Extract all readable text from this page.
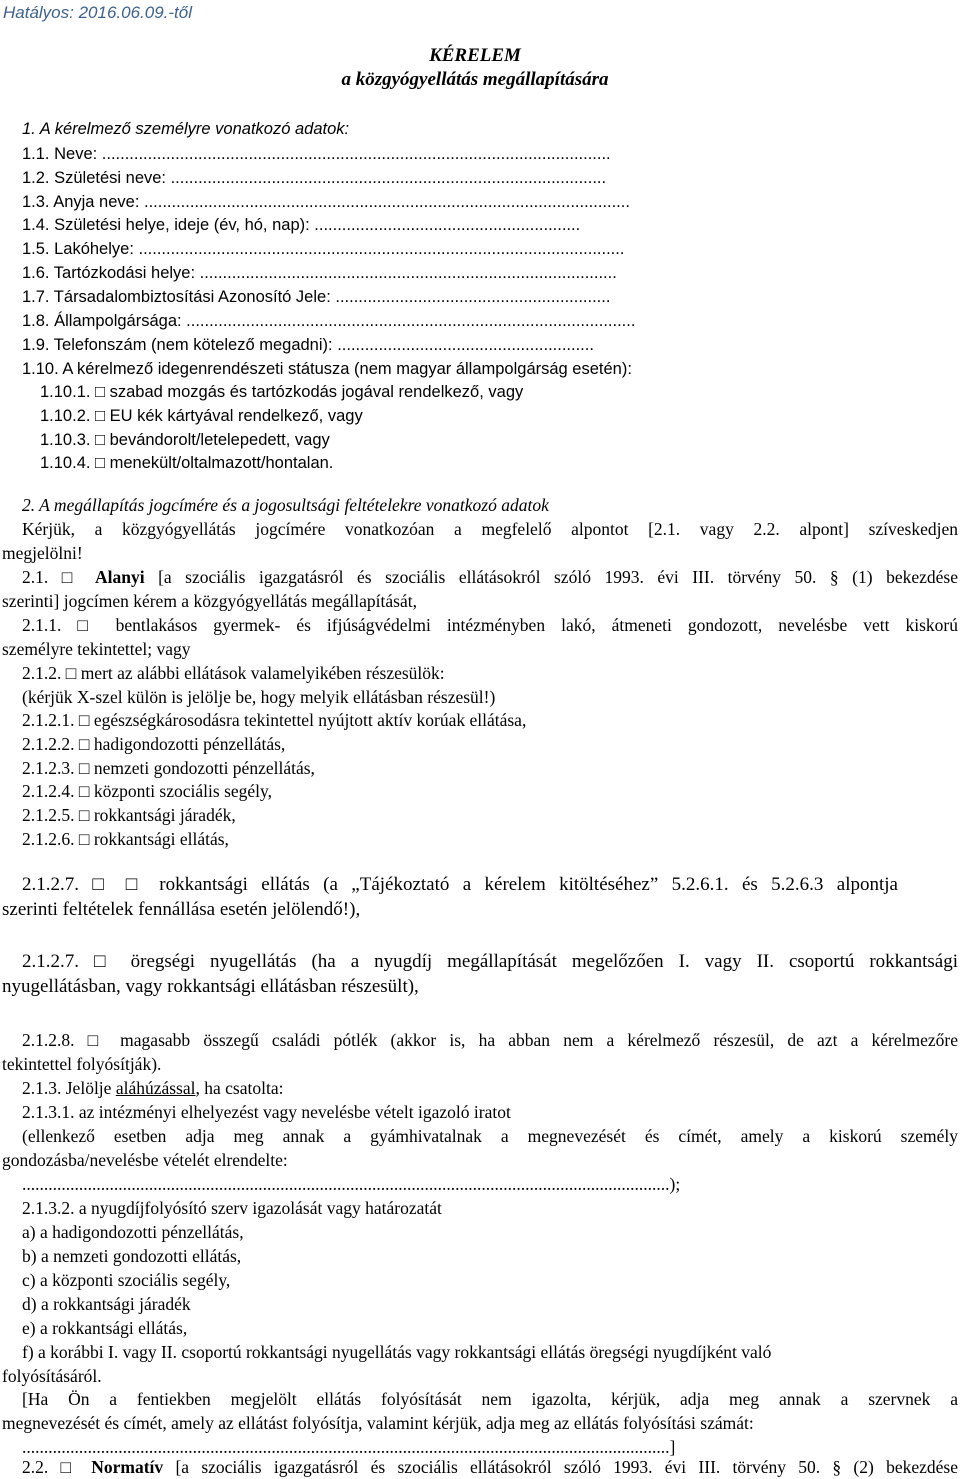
Hatályos: 2016.06.09.-től
KÉRELEM
a közgyógyellátás megállapítására
1. A kérelmező személyre vonatkozó adatok:
1.1. Neve: ...............................................................................................................
1.2. Születési neve: ...............................................................................................
1.3. Anyja neve: ..........................................................................................................
1.4. Születési helye, ideje (év, hó, nap): ..........................................................
1.5. Lakóhelye: ..........................................................................................................
1.6. Tartózkodási helye: ...........................................................................................
1.7. Társadalombiztosítási Azonosító Jele: ............................................................
1.8. Állampolgársága: ..................................................................................................
1.9. Telefonszám (nem kötelező megadni): ........................................................
1.10. A kérelmező idegenrendészeti státusza (nem magyar állampolgárság esetén):
1.10.1. □ szabad mozgás és tartózkodás jogával rendelkező, vagy
1.10.2. □ EU kék kártyával rendelkező, vagy
1.10.3. □ bevándorolt/letelepedett, vagy
1.10.4. □ menekült/oltalmazott/hontalan.
2. A megállapítás jogcímére és a jogosultsági feltételekre vonatkozó adatok
Kérjük, a közgyógyellátás jogcímére vonatkozóan a megfelelő alpontot [2.1. vagy 2.2. alpont] szíveskedjen
megjelölni!
2.1. □ Alanyi [a szociális igazgatásról és szociális ellátásokról szóló 1993. évi III. törvény 50. § (1) bekezdése
szerinti] jogcímen kérem a közgyógyellátás megállapítását,
2.1.1. □ bentlakásos gyermek- és ifjúságvédelmi intézményben lakó, átmeneti gondozott, nevelésbe vett kiskorú
személyre tekintettel; vagy
2.1.2. □ mert az alábbi ellátások valamelyikében részesülök:
(kérjük X-szel külön is jelölje be, hogy melyik ellátásban részesül!)
2.1.2.1. □ egészségkárosodásra tekintettel nyújtott aktív korúak ellátása,
2.1.2.2. □ hadigondozotti pénzellátás,
2.1.2.3. □ nemzeti gondozotti pénzellátás,
2.1.2.4. □ központi szociális segély,
2.1.2.5. □ rokkantsági járadék,
2.1.2.6. □ rokkantsági ellátás,
2.1.2.7. □ □ rokkantsági ellátás (a „Tájékoztató a kérelem kitöltéséhez” 5.2.6.1. és 5.2.6.3 alpontja
szerinti feltételek fennállása esetén jelölendő!),
2.1.2.7. □ öregségi nyugellátás (ha a nyugdíj megállapítását megelőzően I. vagy II. csoportú rokkantsági
nyugellátásban, vagy rokkantsági ellátásban részesült),
2.1.2.8. □ magasabb összegű családi pótlék (akkor is, ha abban nem a kérelmező részesül, de azt a kérelmezőre
tekintettel folyósítják).
2.1.3. Jelölje aláhúzással, ha csatolta:
2.1.3.1. az intézményi elhelyezést vagy nevelésbe vételt igazoló iratot
(ellenkező esetben adja meg annak a gyámhivatalnak a megnevezését és címét, amely a kiskorú személy
gondozásba/nevelésbe vételét elrendelte:
....................................................................................................................................................);
2.1.3.2. a nyugdíjfolyósító szerv igazolását vagy határozatát
a) a hadigondozotti pénzellátás,
b) a nemzeti gondozotti ellátás,
c) a központi szociális segély,
d) a rokkantsági járadék
e) a rokkantsági ellátás,
f) a korábbi I. vagy II. csoportú rokkantsági nyugellátás vagy rokkantsági ellátás öregségi nyugdíjként való
folyósításáról.
[Ha Ön a fentiekben megjelölt ellátás folyósítását nem igazolta, kérjük, adja meg annak a szervnek a
megnevezését és címét, amely az ellátást folyósítja, valamint kérjük, adja meg az ellátás folyósítási számát:
....................................................................................................................................................]
2.2. □ Normatív [a szociális igazgatásról és szociális ellátásokról szóló 1993. évi III. törvény 50. § (2) bekezdése
